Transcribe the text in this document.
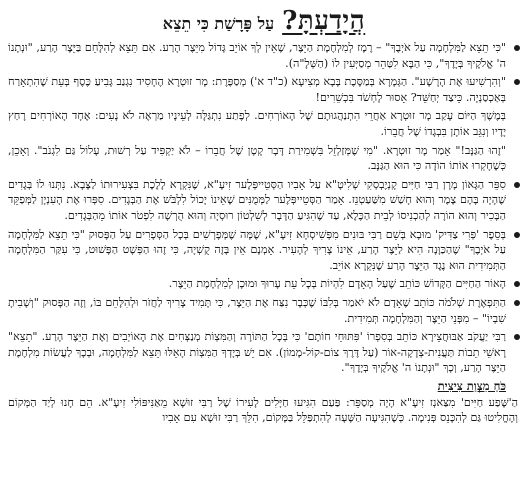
הֲיָדַעְתָּ?
עַל פָּרָשַׁת כִּי תֵצֵא

"כִּי תֵצֵא לַמִּלְחָמָה עַל אֹיְבֶךָ" – רֶמֶז לְמִלְחֶמֶת הַיֵּצֶר, שֶׁאֵין לְךָ אוֹיֵב גָּדוֹל מִיֵּצֶר הָרַע. אִם תֵּצֵא לְהִלָּחֵם בַּיֵּצֶר הָרַע, "וּנְתָנוֹ ה' אֱלֹקֶיךָ בְּיָדֶךָ", כִּי הַבָּא לִטַּהֵר מְסַיְּעִין לוֹ (הַשְּׁלָ"ה).

"וְהִרְשִׁיעוּ אֶת הָרָשָׁע". הַגְּמָרָא בְּמַסֶּכֶת בָּבָא מְצִיעָא (כ"ד א') מְסַפֶּרֶת: מָר זוּטְרָא הֶחָסִיד נִגְנַב גָּבִיעַ כֶּסֶף בְּעֵת שֶׁהִתְאָרַח בְּאַכְסַנְיָה. כֵּיצַד יְחַשֵּׁד? אָסוּר לָחְשֹׁד בִּכְשֵׁרִים!

בְּמֶשֶׁךְ הַיּוֹם עָקַב מָר זוּטְרָא אַחֲרֵי הִתְנַהֲגוּתָם שֶׁל הָאוֹרְחִים. לְפֶתַע נִתְגַּלָּה לְעֵינָיו מַרְאֶה לֹא נָעִים: אֶחָד הָאוֹרְחִים רָחַץ יָדָיו וְנִגֵּב אוֹתָן בִּבְגָדוֹ שֶׁל חֲבֵרוֹ.

"זֶהוּ הַגַּנָּב!" אָמַר מָר זוּטְרָא. "מִי שֶׁמְּזַלְזֵל בִּשְׁמִירַת דָּבָר קָטָן שֶׁל חֲבֵרוֹ – לֹא יַקְפִּיד עַל רְשׁוּת, עָלוֹל גַּם לִגְנֹב". וְאָכֵן, כְּשֶׁחָקְרוּ אוֹתוֹ הוֹדָה כִּי הוּא הַגַּנָּב.

סִפֵּר הַגָּאוֹן מָרָן רַבִּי חַיִּים קָנְיֶבְסְקִי שְׁלִיטָ"א עַל אָבִיו הַסְּטֵייפְּלֶער זִיעָ"א, שֶׁנִּקְרָא לָלֶכֶת בִּצְעִירוּתוֹ לַצָּבָא. נִתְּנוּ לוֹ בְּגָדִים שֶׁהָיָה בָּהֶם צֶמֶר וְהוּא חָשַׁשׁ מִשַּׁעַטְנֵז. אָמַר הַסְּטֵייפְּלֶער לַמְּמֻנִּים שֶׁאֵינוֹ יָכוֹל לִלְבֹּשׁ אֶת הַבְּגָדִים. סִפְּרוּ אֶת הָעִנְיָן לַמְּפַקֵּד הַבָּכִיר וְהוּא הוֹרָה לְהַכְנִיסוֹ לְבֵית הַכֶּלֶא, עַד שֶׁהִגִּיעַ הַדָּבָר לְשִׁלְטוֹן רוּסְיָה וְהוּא הֻרְשָׁה לִפְטֹר אוֹתוֹ מֵהַבְּגָדִים.

בְּסֵפֶר 'פְּרִי צַדִּיק' מוּבָא בְּשֵׁם רַבִּי בּוּנִים מִפְּשִׁיסְחָא זִיעָ"א, שֶׁמָּה שֶׁמְּפָרְשִׁים בְּכָל הַסְּפָרִים עַל הַפָּסוּק "כִּי תֵצֵא לַמִּלְחָמָה עַל אֹיְבֶךָ" שֶׁהַכַּוָּנָה הִיא לַיֵּצֶר הָרַע, אֵינוֹ צָרִיךְ לְהָעִיר. אָמְנָם אֵין בָּזֶה קֻשְׁיָה, כִּי זֶהוּ הַפְּשָׁט הַפָּשׁוּט, כִּי עִקַּר הַמִּלְחָמָה הַתְּמִידִית הוּא נֶגֶד הַיֵּצֶר הָרַע שֶׁנִּקְרָא אוֹיֵב.

הָאוֹר הַחַיִּים הַקָּדוֹשׁ כּוֹתֵב שֶׁעַל הָאָדָם לִהְיוֹת בְּכָל עֵת עָרוּךְ וּמוּכָן לְמִלְחֶמֶת הַיֵּצֶר.

הַתִּפְאֶרֶת שְׁלֹמֹה כּוֹתֵב שֶׁאָדָם לֹא יֹאמַר בְּלִבּוֹ שֶׁכְּבָר נִצַּח אֶת הַיֵּצֶר, כִּי תָּמִיד צָרִיךְ לַחֲזֹר וּלְהִלָּחֵם בּוֹ, וְזֶה הַפָּסוּק "וְשָׁבִיתָ שִׁבְיוֹ" – מִפְּנֵי הַיֵּצֶר וְהַמִּלְחָמָה תְּמִידִית.

רַבִּי יַעֲקֹב אַבּוּחֲצֵירָא כּוֹתֵב בְּסִפְרוֹ 'פִּתּוּחֵי חוֹתָם' כִּי בְּכָל הַתּוֹרָה וְהַמִּצְוֹת מְנַצְּחִים אֶת הָאוֹיְבִים וְאֶת הַיֵּצֶר הָרַע. "תֵצֵא" רָאשֵׁי תֵבוֹת תַּעֲנִית-צְדָקָה-אוֹר (עַל דֶּרֶךְ צוֹם-קוֹל-מָמוֹן). אִם יֵשׁ בְּיָדְךָ הַמִּצְוֹת הָאֵלּוּ תֵּצֵא לַמִּלְחָמָה, וּבְכָךְ לַעֲשׂוֹת מִלְחֶמֶת הַיֵּצֶר הָרַע, וְכָךְ "וּנְתָנוֹ ה' אֱלֹקֶיךָ בְּיָדֶךָ".

כֹּחַ מִצְוַת צִיצִית

הַ'שֶּׁפַע חַיִּים' מִצַּאנְז זִיעָ"א הָיָה מְסַפֵּר: פַּעַם הִגִּיעוּ חַיָּלִים לָעִירוֹ שֶׁל רַבִּי זוּשָׁא מֵאַנִּיפּוֹלִי זִיעָ"א. הֵם חָנוּ לְיַד הַמְּקוֹם וְהֶחֱלִיטוּ גַּם לְהִכָּנֵס פְּנִימָה. כְּשֶׁהִגִּיעָה הַשָּׁעָה לְהִתְפַּלֵּל בַּמָּקוֹם, הִלֵּךְ רַבִּי זוּשָׁא עִם אָבִיו
